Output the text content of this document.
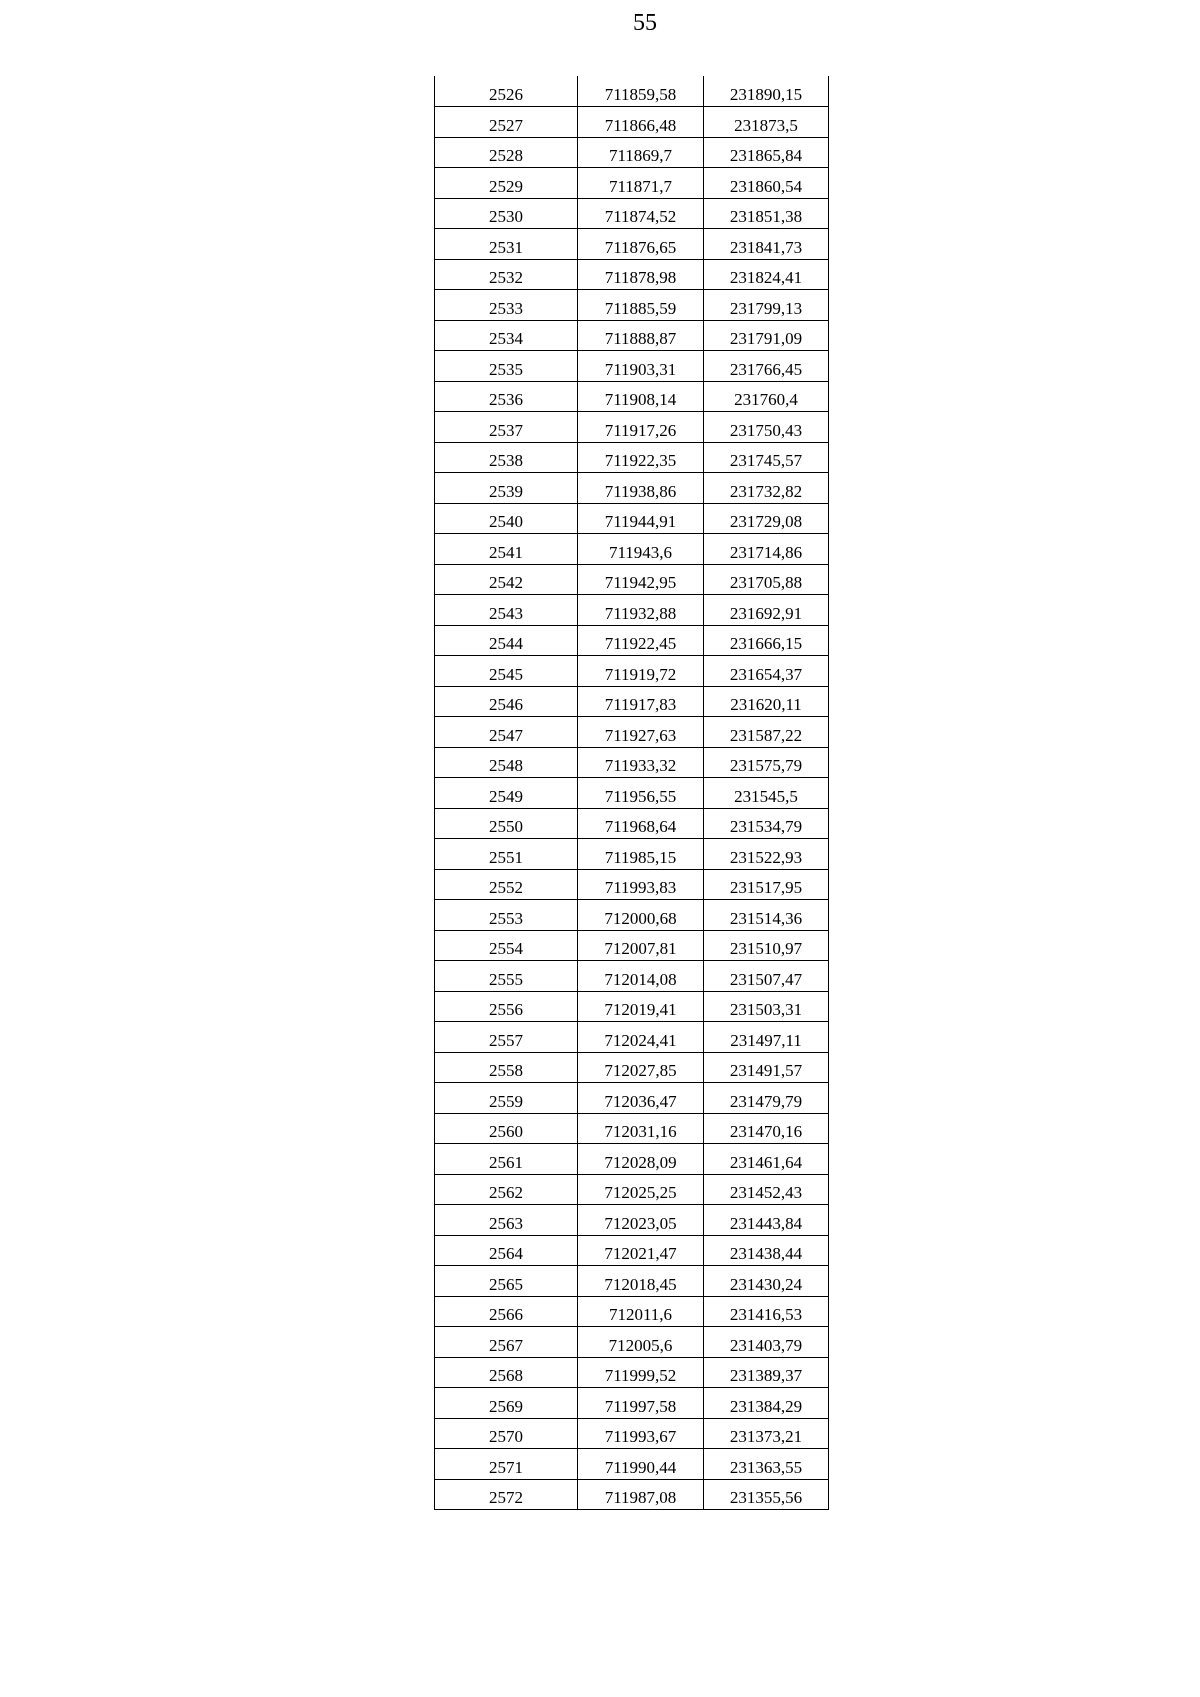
55
2526	711859,58	231890,15
2527	711866,48	231873,5
2528	711869,7	231865,84
2529	711871,7	231860,54
2530	711874,52	231851,38
2531	711876,65	231841,73
2532	711878,98	231824,41
2533	711885,59	231799,13
2534	711888,87	231791,09
2535	711903,31	231766,45
2536	711908,14	231760,4
2537	711917,26	231750,43
2538	711922,35	231745,57
2539	711938,86	231732,82
2540	711944,91	231729,08
2541	711943,6	231714,86
2542	711942,95	231705,88
2543	711932,88	231692,91
2544	711922,45	231666,15
2545	711919,72	231654,37
2546	711917,83	231620,11
2547	711927,63	231587,22
2548	711933,32	231575,79
2549	711956,55	231545,5
2550	711968,64	231534,79
2551	711985,15	231522,93
2552	711993,83	231517,95
2553	712000,68	231514,36
2554	712007,81	231510,97
2555	712014,08	231507,47
2556	712019,41	231503,31
2557	712024,41	231497,11
2558	712027,85	231491,57
2559	712036,47	231479,79
2560	712031,16	231470,16
2561	712028,09	231461,64
2562	712025,25	231452,43
2563	712023,05	231443,84
2564	712021,47	231438,44
2565	712018,45	231430,24
2566	712011,6	231416,53
2567	712005,6	231403,79
2568	711999,52	231389,37
2569	711997,58	231384,29
2570	711993,67	231373,21
2571	711990,44	231363,55
2572	711987,08	231355,56
